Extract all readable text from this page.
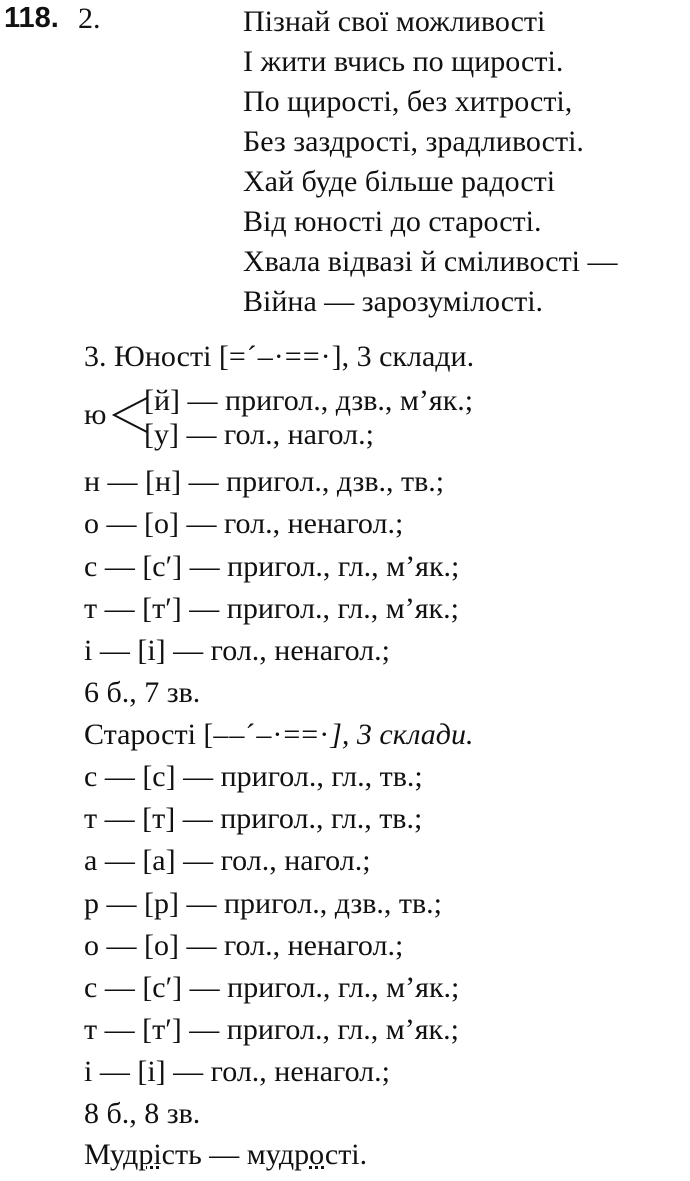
118. 2.	Пізнай свої можливості
І жити вчись по щирості.
По щирості, без хитрості,
Без заздрості, зрадливості.
Хай буде більше радості
Від юності до старості.
Хвала відвазі й сміливості —
Війна — зарозумілості.
3. Юності [=´–·==·], 3 склади.
ю [й] — пригол., дзв., м’як.;
[у] — гол., нагол.;
н — [н] — пригол., дзв., тв.;
о — [о] — гол., ненагол.;
с — [с′] — пригол., гл., м’як.;
т — [т′] — пригол., гл., м’як.;
і — [і] — гол., ненагол.;
6 б., 7 зв.
Старості [––´–·==·], 3 склади.
с — [с] — пригол., гл., тв.;
т — [т] — пригол., гл., тв.;
а — [а] — гол., нагол.;
р — [р] — пригол., дзв., тв.;
о — [о] — гол., ненагол.;
с — [с′] — пригол., гл., м’як.;
т — [т′] — пригол., гл., м’як.;
і — [і] — гол., ненагол.;
8 б., 8 зв.
Мудрість — мудрості.
